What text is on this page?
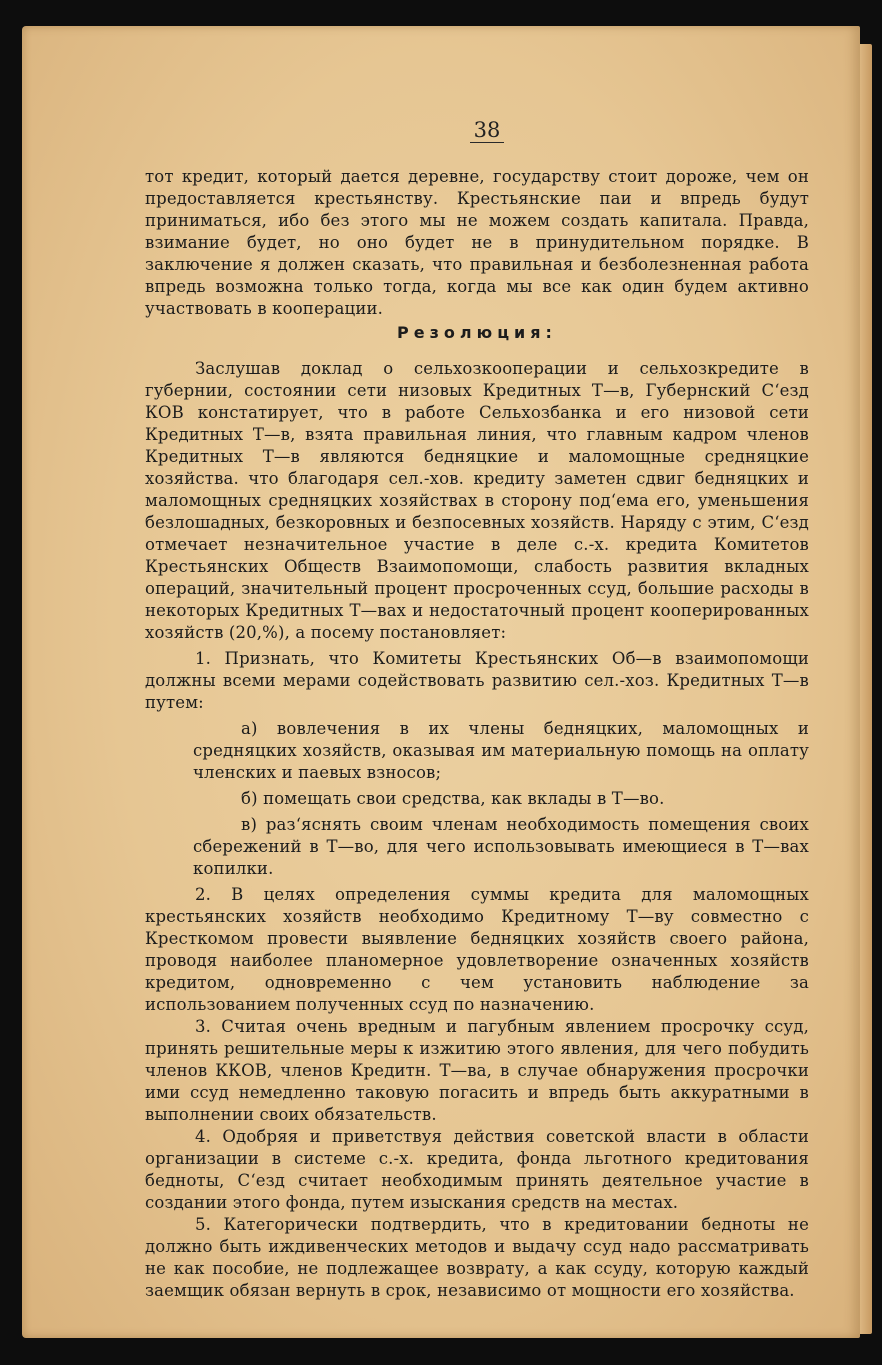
38

тот кредит, который дается деревне, государству стоит дороже, чем он предоставляется крестьянству. Крестьянские паи и впредь будут приниматься, ибо без этого мы не можем создать капитала. Правда, взимание будет, но оно будет не в принудительном порядке. В заключение я должен сказать, что правильная и безболезненная работа впредь возможна только тогда, когда мы все как один будем активно участвовать в кооперации.

Резолюция:

Заслушав доклад о сельхозкооперации и сельхозкредите в губернии, состоянии сети низовых Кредитных Т—в, Губернский С‘езд КОВ констатирует, что в работе Сельхозбанка и его низовой сети Кредитных Т—в, взята правильная линия, что главным кадром членов Кредитных Т—в являются бедняцкие и маломощные средняцкие хозяйства. что благодаря сел.-хов. кредиту заметен сдвиг бедняцких и маломощных средняцких хозяйствах в сторону под‘ема его, уменьшения безлошадных, безкоровных и безпосевных хозяйств. Наряду с этим, С‘езд отмечает незначительное участие в деле с.-х. кредита Комитетов Крестьянских Обществ Взаимопомощи, слабость развития вкладных операций, значительный процент просроченных ссуд, большие расходы в некоторых Кредитных Т—вах и недостаточный процент кооперированных хозяйств (20,%), а посему постановляет:

1. Признать, что Комитеты Крестьянских Об—в взаимопомощи должны всеми мерами содействовать развитию сел.-хоз. Кредитных Т—в путем:

а) вовлечения в их члены бедняцких, маломощных и средняцких хозяйств, оказывая им материальную помощь на оплату членских и паевых взносов;

б) помещать свои средства, как вклады в Т—во.

в) раз‘яснять своим членам необходимость помещения своих сбережений в Т—во, для чего использовывать имеющиеся в Т—вах копилки.

2. В целях определения суммы кредита для маломощных крестьянских хозяйств необходимо Кредитному Т—ву совместно с Кресткомом провести выявление бедняцких хозяйств своего района, проводя наиболее планомерное удовлетворение означенных хозяйств кредитом, одновременно с чем установить наблюдение за использованием полученных ссуд по назначению.

3. Считая очень вредным и пагубным явлением просрочку ссуд, принять решительные меры к изжитию этого явления, для чего побудить членов ККОВ, членов Кредитн. Т—ва, в случае обнаружения просрочки ими ссуд немедленно таковую погасить и впредь быть аккуратными в выполнении своих обязательств.

4. Одобряя и приветствуя действия советской власти в области организации в системе с.-х. кредита, фонда льготного кредитования бедноты, С‘езд считает необходимым принять деятельное участие в создании этого фонда, путем изыскания средств на местах.

5. Категорически подтвердить, что в кредитовании бедноты не должно быть иждивенческих методов и выдачу ссуд надо рассматривать не как пособие, не подлежащее возврату, а как ссуду, которую каждый заемщик обязан вернуть в срок, независимо от мощности его хозяйства.
